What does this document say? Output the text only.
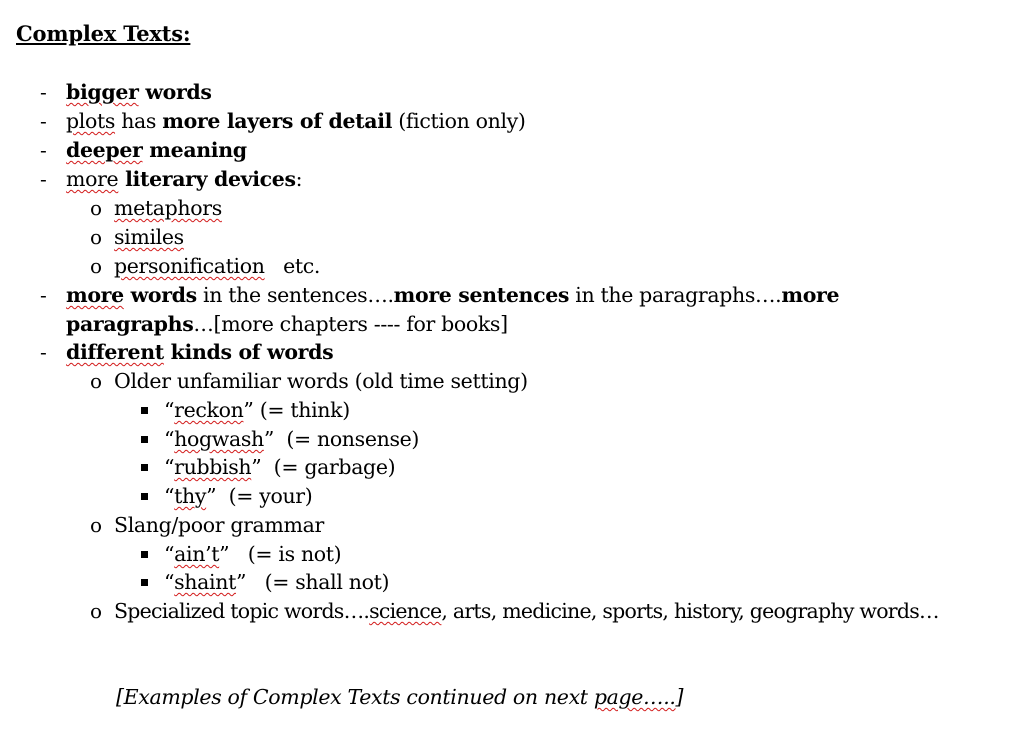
Complex Texts:
- bigger words
- plots has more layers of detail (fiction only)
- deeper meaning
- more literary devices:
o metaphors
o similes
o personification   etc.
- more words in the sentences….more sentences in the paragraphs….more
paragraphs…[more chapters ---- for books]
- different kinds of words
o Older unfamiliar words (old time setting)
“reckon” (= think)
“hogwash”  (= nonsense)
“rubbish”  (= garbage)
“thy”  (= your)
o Slang/poor grammar
“ain’t”   (= is not)
“shaint”   (= shall not)
o Specialized topic words….science, arts, medicine, sports, history, geography words…
[Examples of Complex Texts continued on next page…..]
